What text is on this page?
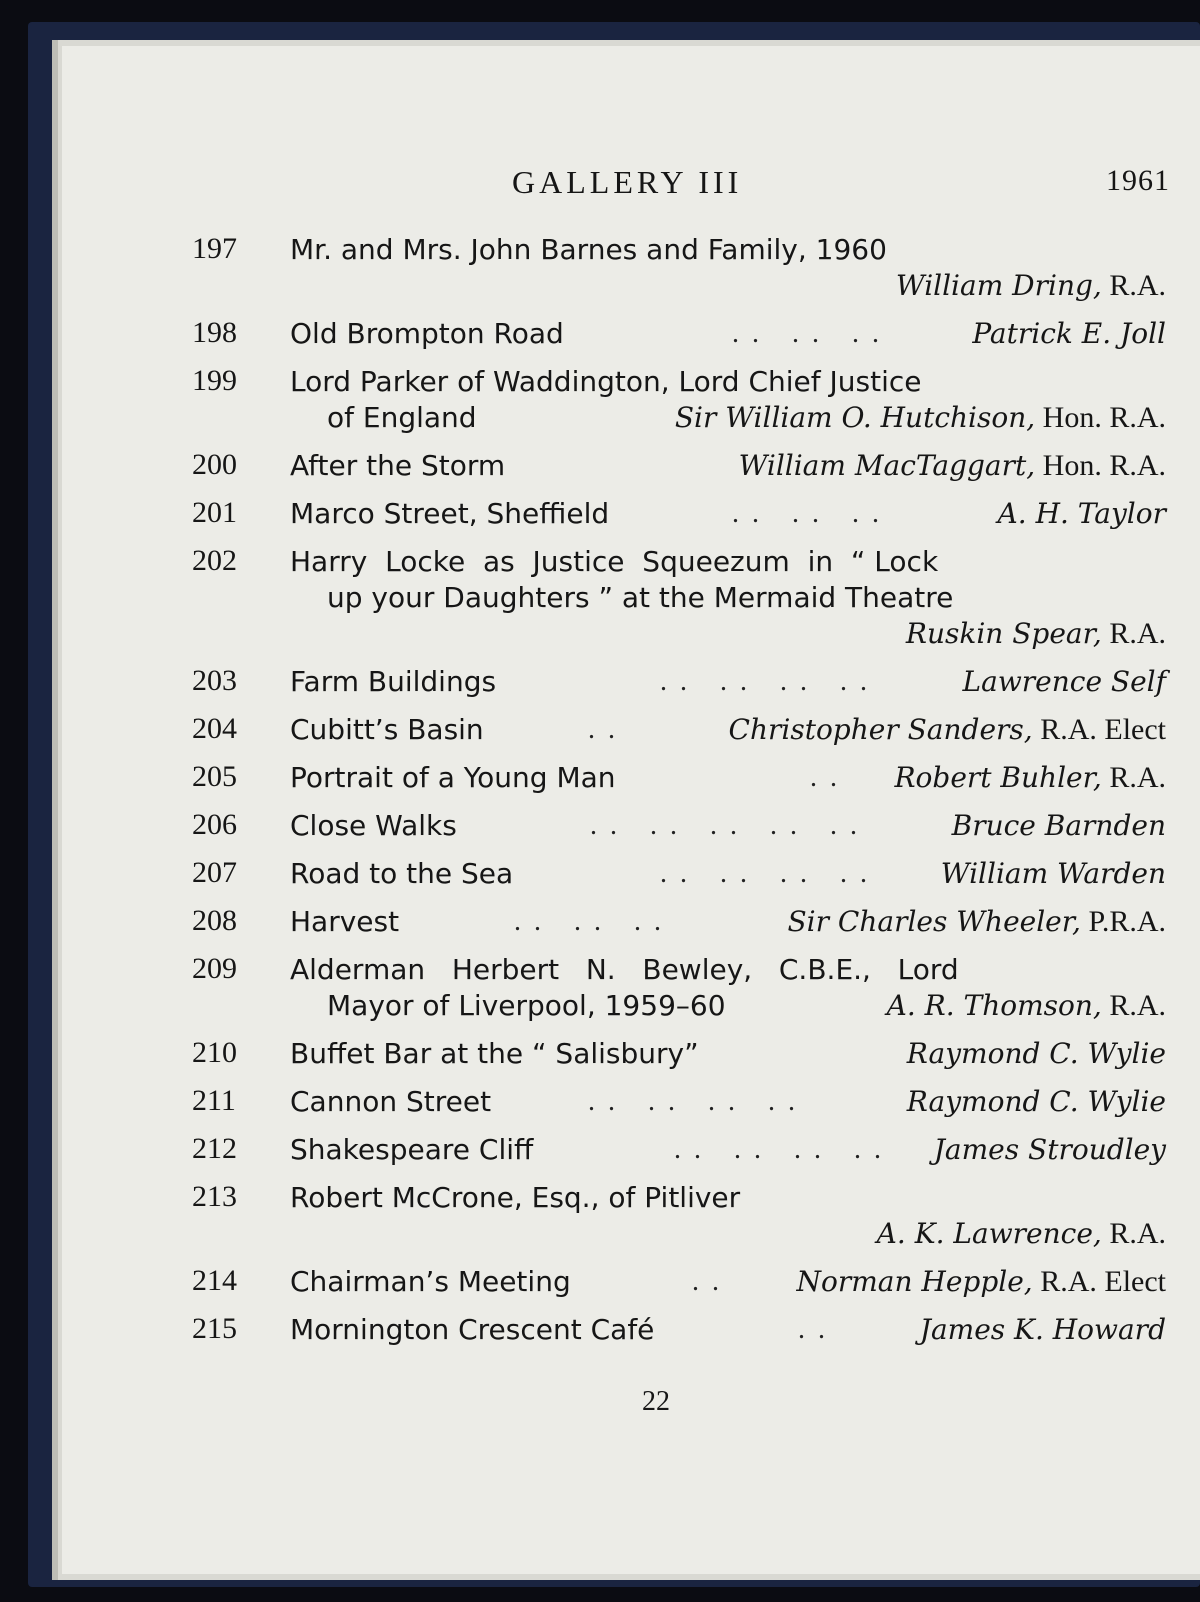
GALLERY III	1961
197	Mr. and Mrs. John Barnes and Family, 1960
William Dring, R.A.
198	Old Brompton Road	. .   . .   . .	Patrick E. Joll
199	Lord Parker of Waddington, Lord Chief Justice
of England	Sir William O. Hutchison, Hon. R.A.
200	After the Storm	William MacTaggart, Hon. R.A.
201	Marco Street, Sheffield	. .   . .   . .	A. H. Taylor
202	Harry  Locke  as  Justice  Squeezum  in  “ Lock
up your Daughters ” at the Mermaid Theatre
Ruskin Spear, R.A.
203	Farm Buildings	. .   . .   . .   . .	Lawrence Self
204	Cubitt’s Basin	. .	Christopher Sanders, R.A. Elect
205	Portrait of a Young Man	. . Robert Buhler, R.A.
206	Close Walks	. .   . .   . .   . .   . .	Bruce Barnden
207	Road to the Sea	. .   . .   . .   . .	William Warden
208	Harvest	. .   . .   . .	Sir Charles Wheeler, P.R.A.
209	Alderman   Herbert   N.   Bewley,   C.B.E.,   Lord
Mayor of Liverpool, 1959–60	A. R. Thomson, R.A.
210	Buffet Bar at the “ Salisbury”	Raymond C. Wylie
211	Cannon Street	. .   . .   . .   . .	Raymond C. Wylie
212	Shakespeare Cliff	. .   . .   . .   . . James Stroudley
213	Robert McCrone, Esq., of Pitliver
A. K. Lawrence, R.A.
214	Chairman’s Meeting	. .	Norman Hepple, R.A. Elect
215	Mornington Crescent Café	. .	James K. Howard
22
